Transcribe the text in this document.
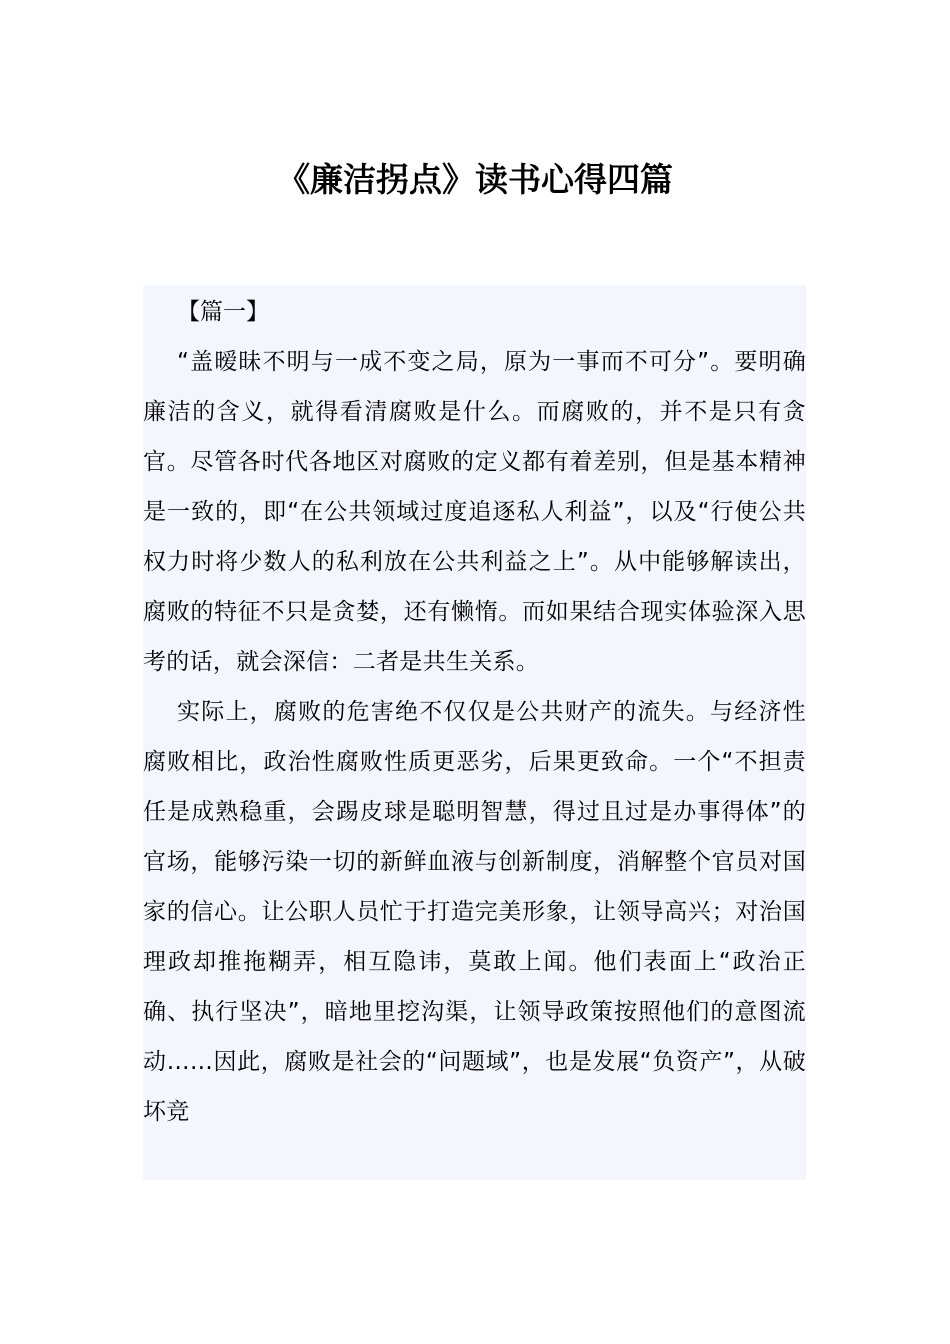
《廉洁拐点》读书心得四篇

【篇一】

“盖暧昧不明与一成不变之局，原为一事而不可分”。要明确廉洁的含义，就得看清腐败是什么。而腐败的，并不是只有贪官。尽管各时代各地区对腐败的定义都有着差别，但是基本精神是一致的，即“在公共领域过度追逐私人利益”，以及“行使公共权力时将少数人的私利放在公共利益之上”。从中能够解读出，腐败的特征不只是贪婪，还有懒惰。而如果结合现实体验深入思考的话，就会深信：二者是共生关系。

实际上，腐败的危害绝不仅仅是公共财产的流失。与经济性腐败相比，政治性腐败性质更恶劣，后果更致命。一个“不担责任是成熟稳重，会踢皮球是聪明智慧，得过且过是办事得体”的官场，能够污染一切的新鲜血液与创新制度，消解整个官员对国家的信心。让公职人员忙于打造完美形象，让领导高兴；对治国理政却推拖糊弄，相互隐讳，莫敢上闻。他们表面上“政治正确、执行坚决”，暗地里挖沟渠，让领导政策按照他们的意图流动……因此，腐败是社会的“问题域”，也是发展“负资产”，从破坏竞
